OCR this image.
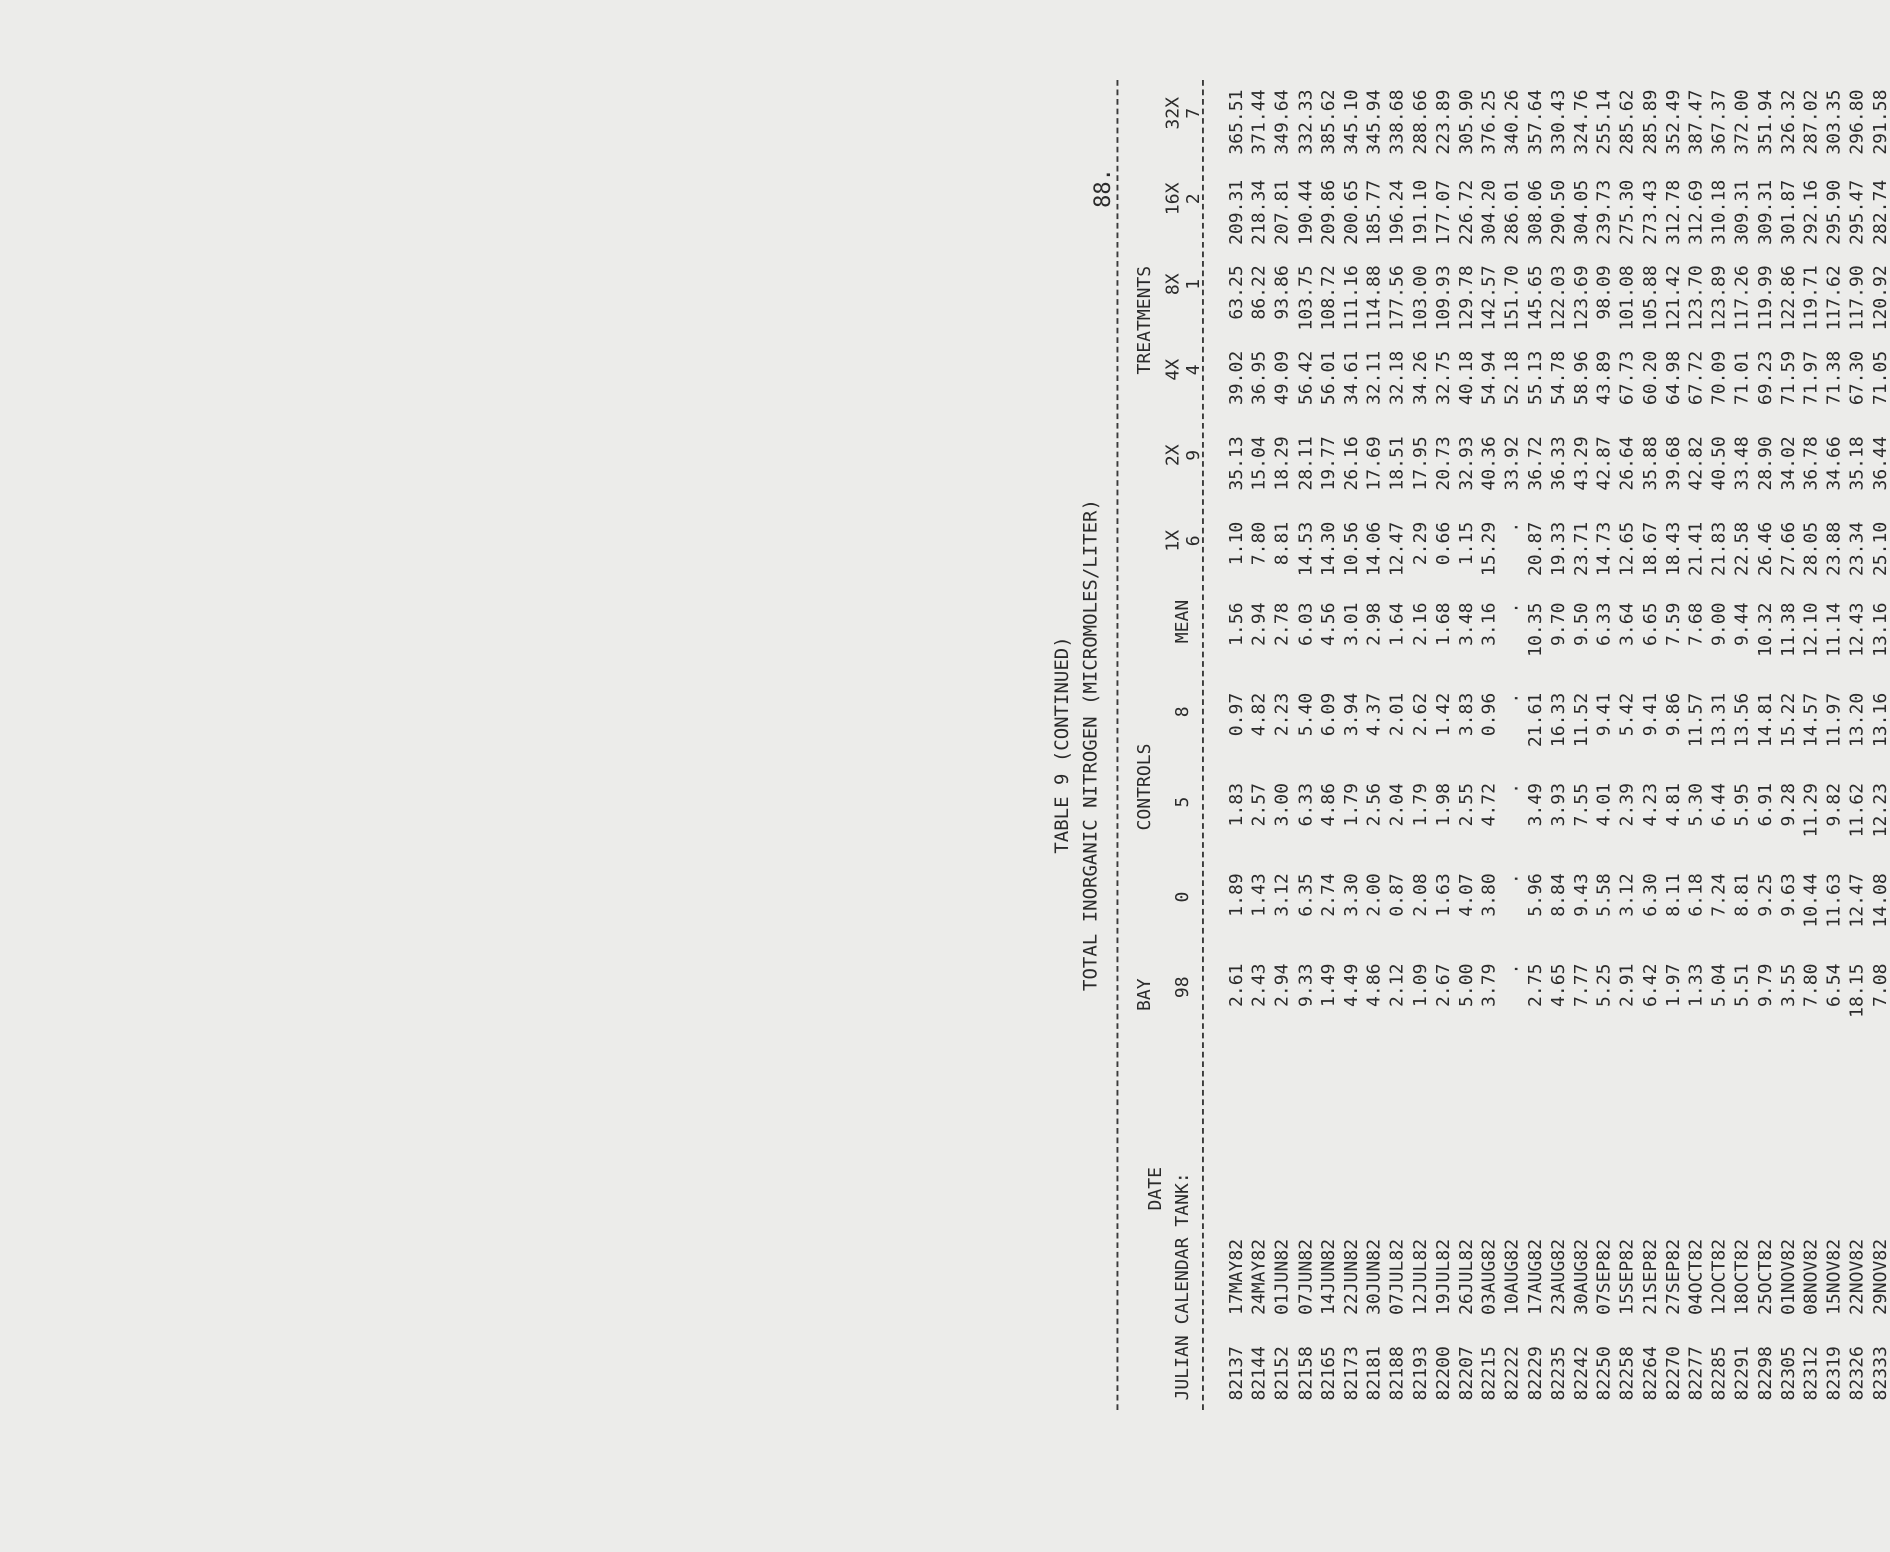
88.
TABLE 9 (CONTINUED) TOTAL INORGANIC NITROGEN (MICROMOLES/LITER)
DATE
BAY
CONTROLS
TREATMENTS
JULIAN CALENDAR TANK:
98
0
5
8
MEAN
1X 6
2X 9
4X 4
82137
17MAY82
2.61
1.89
1.83
0.97
1.56
1.10
35.13
39.02
63.25
209.31
365.51
82144
24MAY82
2.43
1.43
2.57
4.82
2.94
7.80
15.04
36.95
86.22
218.34
371.44
82152
01JUN82
2.94
3.12
3.00
2.23
2.78
8.81
18.29
49.09
93.86
207.81
349.64
82158
07JUN82
9.33
6.35
6.33
5.40
6.03
14.53
28.11
56.42
103.75
190.44
332.33
82165
14JUN82
1.49
2.74
4.86
6.09
4.56
14.30
19.77
56.01
108.72
209.86
385.62
82173
22JUN82
4.49
3.30
1.79
3.94
3.01
10.56
26.16
34.61
111.16
200.65
345.10
82181
30JUN82
4.86
2.00
2.56
4.37
2.98
14.06
17.69
32.11
114.88
185.77
345.94
82188
07JUL82
2.12
0.87
2.04
2.01
1.64
12.47
18.51
32.18
177.56
196.24
338.68
82193
12JUL82
1.09
2.08
1.79
2.62
2.16
2.29
17.95
34.26
103.00
191.10
288.66
82200
19JUL82
2.67
1.63
1.98
1.42
1.68
0.66
20.73
32.75
109.93
177.07
223.89
82207
26JUL82
5.00
4.07
2.55
3.83
3.48
1.15
32.93
40.18
129.78
226.72
305.90
82215
03AUG82
3.79
3.80
4.72
0.96
3.16
15.29
40.36
54.94
142.57
304.20
376.25
82222
10AUG82
.
.
.
.
.
.
33.92
52.18
151.70
286.01
340.26
82229
17AUG82
2.75
5.96
3.49
21.61
10.35
20.87
36.72
55.13
145.65
308.06
357.64
82235
23AUG82
4.65
8.84
3.93
16.33
9.70
19.33
36.33
54.78
122.03
290.50
330.43
82242
30AUG82
7.77
9.43
7.55
11.52
9.50
23.71
43.29
58.96
123.69
304.05
324.76
82250
07SEP82
5.25
5.58
4.01
9.41
6.33
14.73
42.87
43.89
98.09
239.73
255.14
82258
15SEP82
2.91
3.12
2.39
5.42
3.64
12.65
26.64
67.73
101.08
275.30
285.62
82264
21SEP82
6.42
6.30
4.23
9.41
6.65
18.67
35.88
60.20
105.88
273.43
285.89
82270
27SEP82
1.97
8.11
4.81
9.86
7.59
18.43
39.68
64.98
121.42
312.78
352.49
82277
04OCT82
1.33
6.18
5.30
11.57
7.68
21.41
42.82
67.72
123.70
312.69
387.47
82285
12OCT82
5.04
7.24
6.44
13.31
9.00
21.83
40.50
70.09
123.89
310.18
367.37
82291
18OCT82
5.51
8.81
5.95
13.56
9.44
22.58
33.48
71.01
117.26
309.31
372.00
82298
25OCT82
9.79
9.25
6.91
14.81
10.32
26.46
28.90
69.23
119.99
309.31
351.94
82305
01NOV82
3.55
9.63
9.28
15.22
11.38
27.66
34.02
71.59
122.86
301.87
326.32
82312
08NOV82
7.80
10.44
11.29
14.57
12.10
28.05
36.78
71.97
119.71
292.16
287.02
82319
15NOV82
6.54
11.63
9.82
11.97
11.14
23.88
34.66
71.38
117.62
295.90
303.35
82326
22NOV82
18.15
12.47
11.62
13.20
12.43
23.34
35.18
67.30
117.90
295.47
296.80
82333
29NOV82
7.08
14.08
12.23
13.16
13.16
25.10
36.44
71.05
120.92
282.74
291.58
8X 1
16X 2
32X 7
